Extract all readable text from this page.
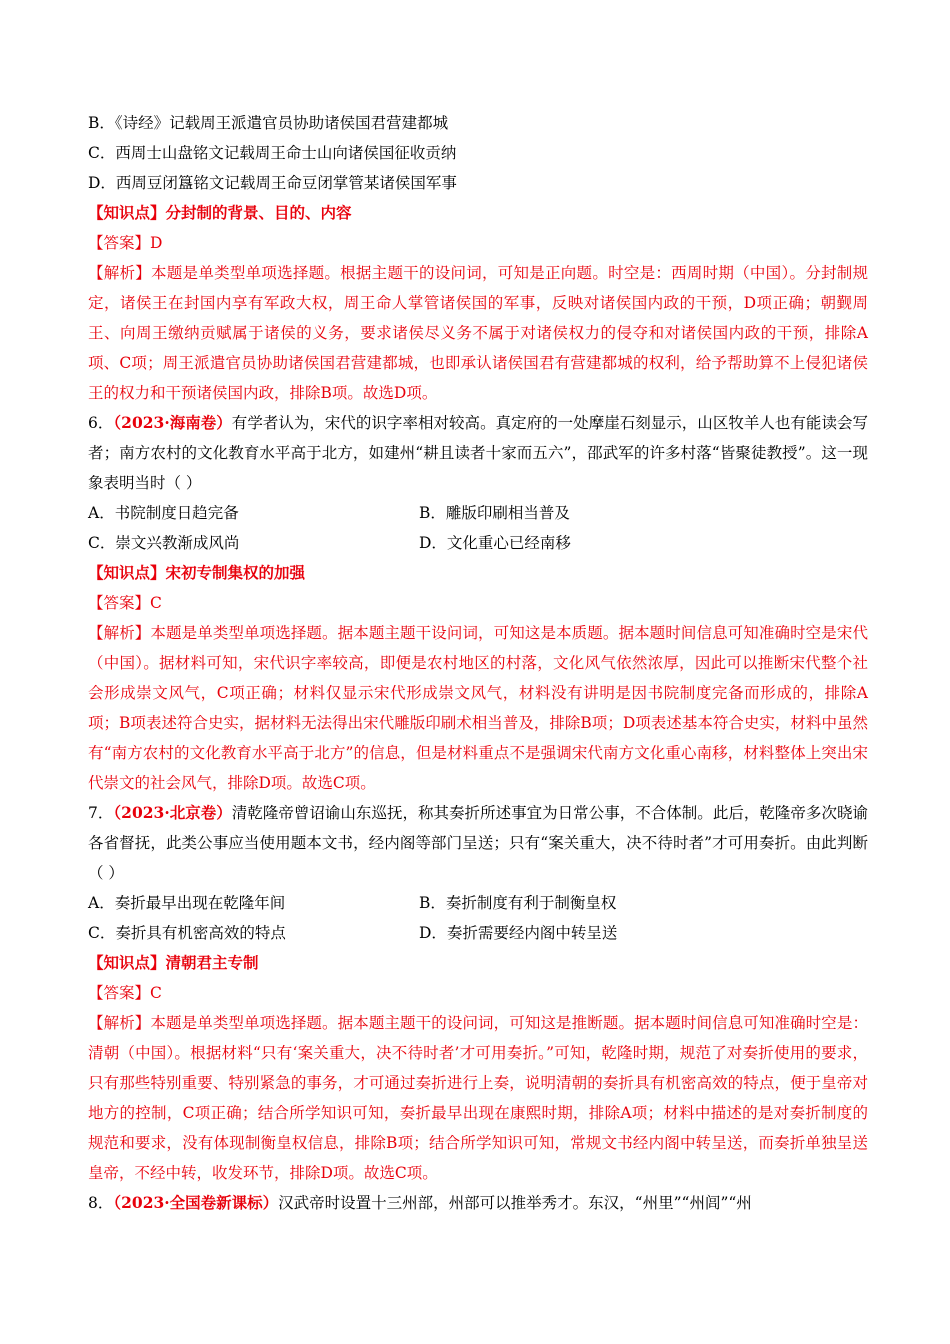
B．《诗经》记载周王派遣官员协助诸侯国君营建都城
C．西周士山盘铭文记载周王命士山向诸侯国征收贡纳
D．西周豆闭簋铭文记载周王命豆闭掌管某诸侯国军事
【知识点】分封制的背景、目的、内容
【答案】D
【解析】本题是单类型单项选择题。根据主题干的设问词，可知是正向题。时空是：西周时期（中国）。分封制规定，诸侯王在封国内享有军政大权，周王命人掌管诸侯国的军事，反映对诸侯国内政的干预，D项正确；朝觐周王、向周王缴纳贡赋属于诸侯的义务，要求诸侯尽义务不属于对诸侯权力的侵夺和对诸侯国内政的干预，排除A项、C项；周王派遣官员协助诸侯国君营建都城，也即承认诸侯国君有营建都城的权利，给予帮助算不上侵犯诸侯王的权力和干预诸侯国内政，排除B项。故选D项。
6．（2023·海南卷）有学者认为，宋代的识字率相对较高。真定府的一处摩崖石刻显示，山区牧羊人也有能读会写者；南方农村的文化教育水平高于北方，如建州“耕且读者十家而五六”，邵武军的许多村落“皆聚徒教授”。这一现象表明当时（ ）
A．书院制度日趋完备	B．雕版印刷相当普及
C．崇文兴教渐成风尚	D．文化重心已经南移
【知识点】宋初专制集权的加强
【答案】C
【解析】本题是单类型单项选择题。据本题主题干设问词，可知这是本质题。据本题时间信息可知准确时空是宋代（中国）。据材料可知，宋代识字率较高，即便是农村地区的村落，文化风气依然浓厚，因此可以推断宋代整个社会形成崇文风气，C项正确；材料仅显示宋代形成崇文风气，材料没有讲明是因书院制度完备而形成的，排除A项；B项表述符合史实，据材料无法得出宋代雕版印刷术相当普及，排除B项；D项表述基本符合史实，材料中虽然有“南方农村的文化教育水平高于北方”的信息，但是材料重点不是强调宋代南方文化重心南移，材料整体上突出宋代崇文的社会风气，排除D项。故选C项。
7．（2023·北京卷）清乾隆帝曾诏谕山东巡抚，称其奏折所述事宜为日常公事，不合体制。此后，乾隆帝多次晓谕各省督抚，此类公事应当使用题本文书，经内阁等部门呈送；只有“案关重大，决不待时者”才可用奏折。由此判断（ ）
A．奏折最早出现在乾隆年间	B．奏折制度有利于制衡皇权
C．奏折具有机密高效的特点	D．奏折需要经内阁中转呈送
【知识点】清朝君主专制
【答案】C
【解析】本题是单类型单项选择题。据本题主题干的设问词，可知这是推断题。据本题时间信息可知准确时空是：清朝（中国）。根据材料“只有‘案关重大，决不待时者’才可用奏折。”可知，乾隆时期，规范了对奏折使用的要求，只有那些特别重要、特别紧急的事务，才可通过奏折进行上奏，说明清朝的奏折具有机密高效的特点，便于皇帝对地方的控制，C项正确；结合所学知识可知，奏折最早出现在康熙时期，排除A项；材料中描述的是对奏折制度的规范和要求，没有体现制衡皇权信息，排除B项；结合所学知识可知，常规文书经内阁中转呈送，而奏折单独呈送皇帝，不经中转，收发环节，排除D项。故选C项。
8．（2023·全国卷新课标）汉武帝时设置十三州部，州部可以推举秀才。东汉，“州里”“州闾”“州
